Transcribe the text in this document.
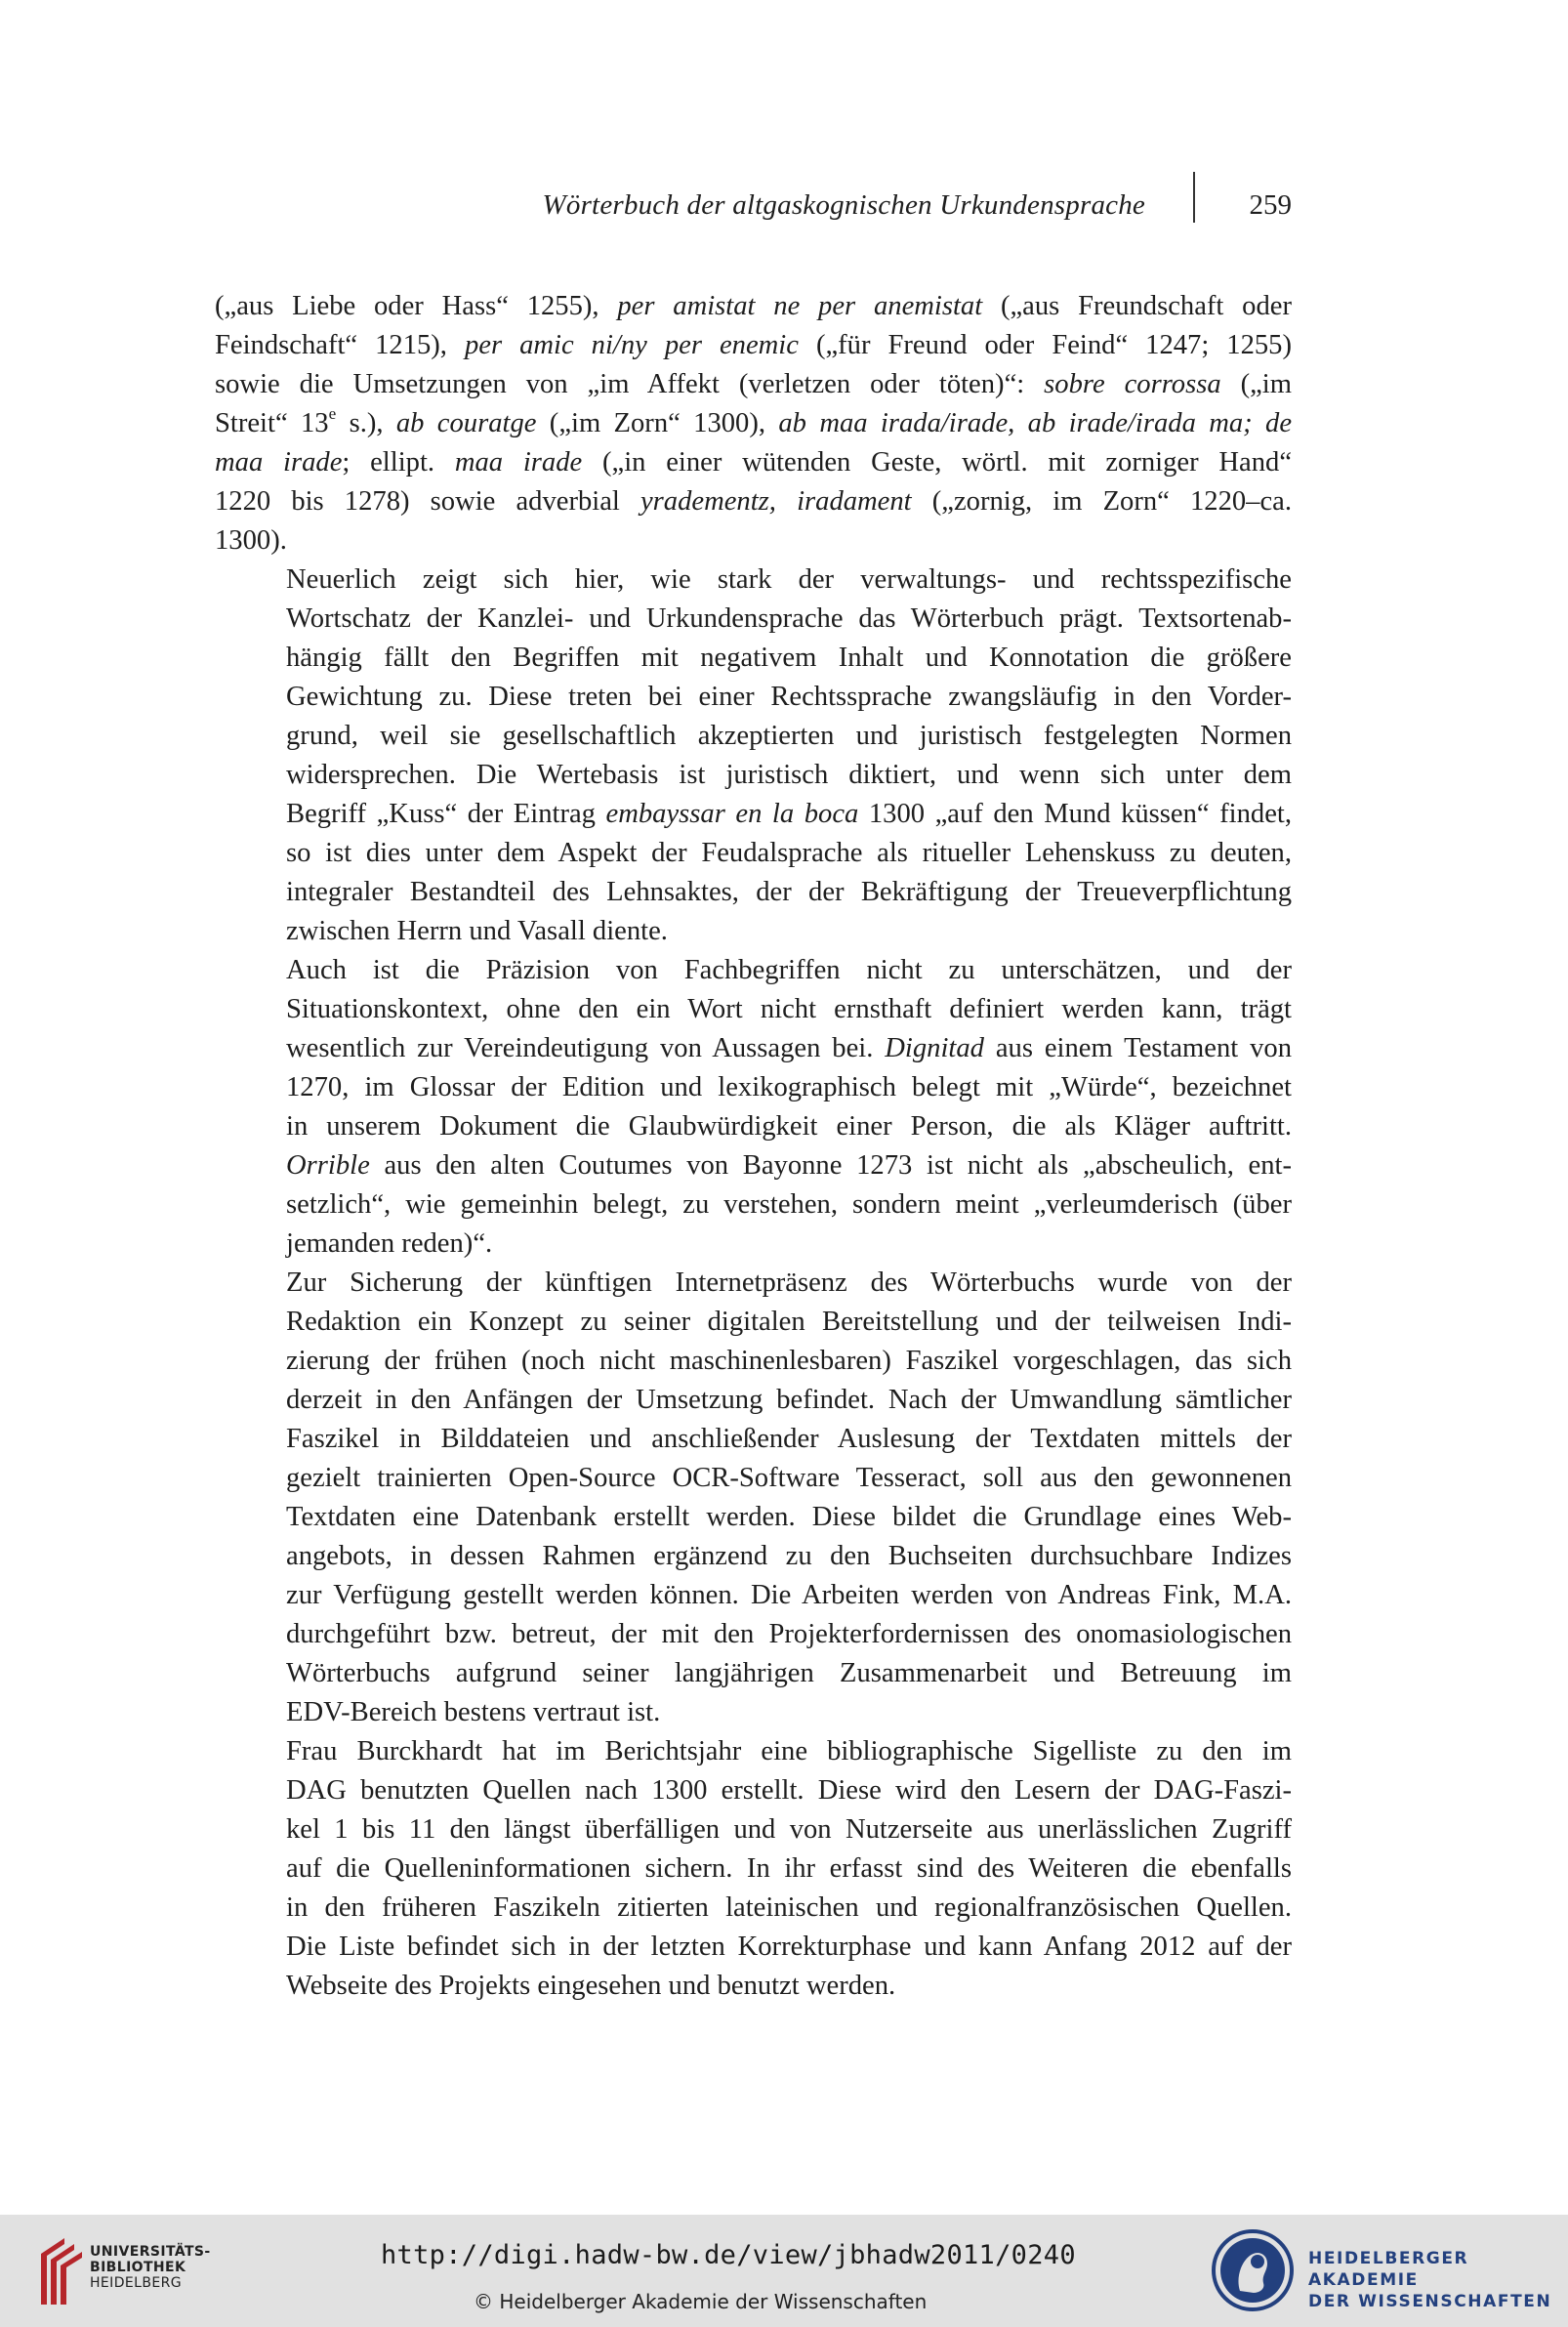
Wörterbuch der altgaskognischen Urkundensprache	259

(„aus Liebe oder Hass“ 1255), per amistat ne per anemistat („aus Freundschaft oder
Feindschaft“ 1215), per amic ni/ny per enemic („für Freund oder Feind“ 1247; 1255)
sowie die Umsetzungen von „im Affekt (verletzen oder töten)“: sobre corrossa („im
Streit“ 13e s.), ab couratge („im Zorn“ 1300), ab maa irada/irade, ab irade/irada ma; de
maa irade; ellipt. maa irade („in einer wütenden Geste, wörtl. mit zorniger Hand“
1220 bis 1278) sowie adverbial yradementz, iradament („zornig, im Zorn“ 1220–ca.
1300).

Neuerlich zeigt sich hier, wie stark der verwaltungs- und rechtsspezifische
Wortschatz der Kanzlei- und Urkundensprache das Wörterbuch prägt. Textsortenab-
hängig fällt den Begriffen mit negativem Inhalt und Konnotation die größere
Gewichtung zu. Diese treten bei einer Rechtssprache zwangsläufig in den Vorder-
grund, weil sie gesellschaftlich akzeptierten und juristisch festgelegten Normen
widersprechen. Die Wertebasis ist juristisch diktiert, und wenn sich unter dem
Begriff „Kuss“ der Eintrag embayssar en la boca 1300 „auf den Mund küssen“ findet,
so ist dies unter dem Aspekt der Feudalsprache als ritueller Lehenskuss zu deuten,
integraler Bestandteil des Lehnsaktes, der der Bekräftigung der Treueverpflichtung
zwischen Herrn und Vasall diente.

Auch ist die Präzision von Fachbegriffen nicht zu unterschätzen, und der
Situationskontext, ohne den ein Wort nicht ernsthaft definiert werden kann, trägt
wesentlich zur Vereindeutigung von Aussagen bei. Dignitad aus einem Testament von
1270, im Glossar der Edition und lexikographisch belegt mit „Würde“, bezeichnet
in unserem Dokument die Glaubwürdigkeit einer Person, die als Kläger auftritt.
Orrible aus den alten Coutumes von Bayonne 1273 ist nicht als „abscheulich, ent-
setzlich“, wie gemeinhin belegt, zu verstehen, sondern meint „verleumderisch (über
jemanden reden)“.

Zur Sicherung der künftigen Internetpräsenz des Wörterbuchs wurde von der
Redaktion ein Konzept zu seiner digitalen Bereitstellung und der teilweisen Indi-
zierung der frühen (noch nicht maschinenlesbaren) Faszikel vorgeschlagen, das sich
derzeit in den Anfängen der Umsetzung befindet. Nach der Umwandlung sämtlicher
Faszikel in Bilddateien und anschließender Auslesung der Textdaten mittels der
gezielt trainierten Open-Source OCR-Software Tesseract, soll aus den gewonnenen
Textdaten eine Datenbank erstellt werden. Diese bildet die Grundlage eines Web-
angebots, in dessen Rahmen ergänzend zu den Buchseiten durchsuchbare Indizes
zur Verfügung gestellt werden können. Die Arbeiten werden von Andreas Fink, M.A.
durchgeführt bzw. betreut, der mit den Projekterfordernissen des onomasiologischen
Wörterbuchs aufgrund seiner langjährigen Zusammenarbeit und Betreuung im
EDV-Bereich bestens vertraut ist.

Frau Burckhardt hat im Berichtsjahr eine bibliographische Sigelliste zu den im
DAG benutzten Quellen nach 1300 erstellt. Diese wird den Lesern der DAG-Faszi-
kel 1 bis 11 den längst überfälligen und von Nutzerseite aus unerlässlichen Zugriff
auf die Quelleninformationen sichern. In ihr erfasst sind des Weiteren die ebenfalls
in den früheren Faszikeln zitierten lateinischen und regionalfranzösischen Quellen.
Die Liste befindet sich in der letzten Korrekturphase und kann Anfang 2012 auf der
Webseite des Projekts eingesehen und benutzt werden.

UNIVERSITÄTS-
BIBLIOTHEK
HEIDELBERG
http://digi.hadw-bw.de/view/jbhadw2011/0240
© Heidelberger Akademie der Wissenschaften
HEIDELBERGER AKADEMIE
DER WISSENSCHAFTEN
